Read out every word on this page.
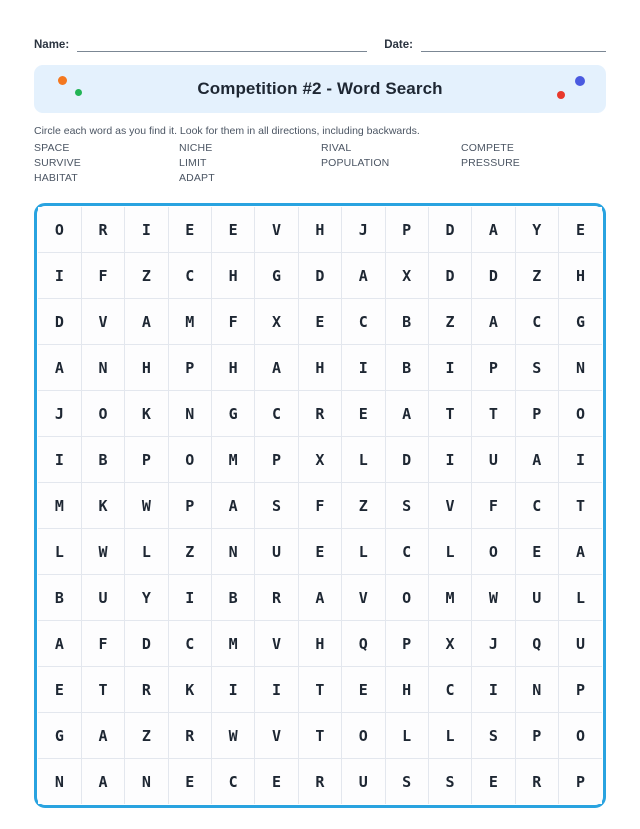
Name:	Date:
Competition #2 - Word Search
Circle each word as you find it. Look for them in all directions, including backwards.
SPACE	NICHE	RIVAL	COMPETE
SURVIVE	LIMIT	POPULATION	PRESSURE
HABITAT	ADAPT
O	R	I	E	E	V	H	J	P	D	A	Y	E
I	F	Z	C	H	G	D	A	X	D	D	Z	H
D	V	A	M	F	X	E	C	B	Z	A	C	G
A	N	H	P	H	A	H	I	B	I	P	S	N
J	O	K	N	G	C	R	E	A	T	T	P	O
I	B	P	O	M	P	X	L	D	I	U	A	I
M	K	W	P	A	S	F	Z	S	V	F	C	T
L	W	L	Z	N	U	E	L	C	L	O	E	A
B	U	Y	I	B	R	A	V	O	M	W	U	L
A	F	D	C	M	V	H	Q	P	X	J	Q	U
E	T	R	K	I	I	T	E	H	C	I	N	P
G	A	Z	R	W	V	T	O	L	L	S	P	O
N	A	N	E	C	E	R	U	S	S	E	R	P
